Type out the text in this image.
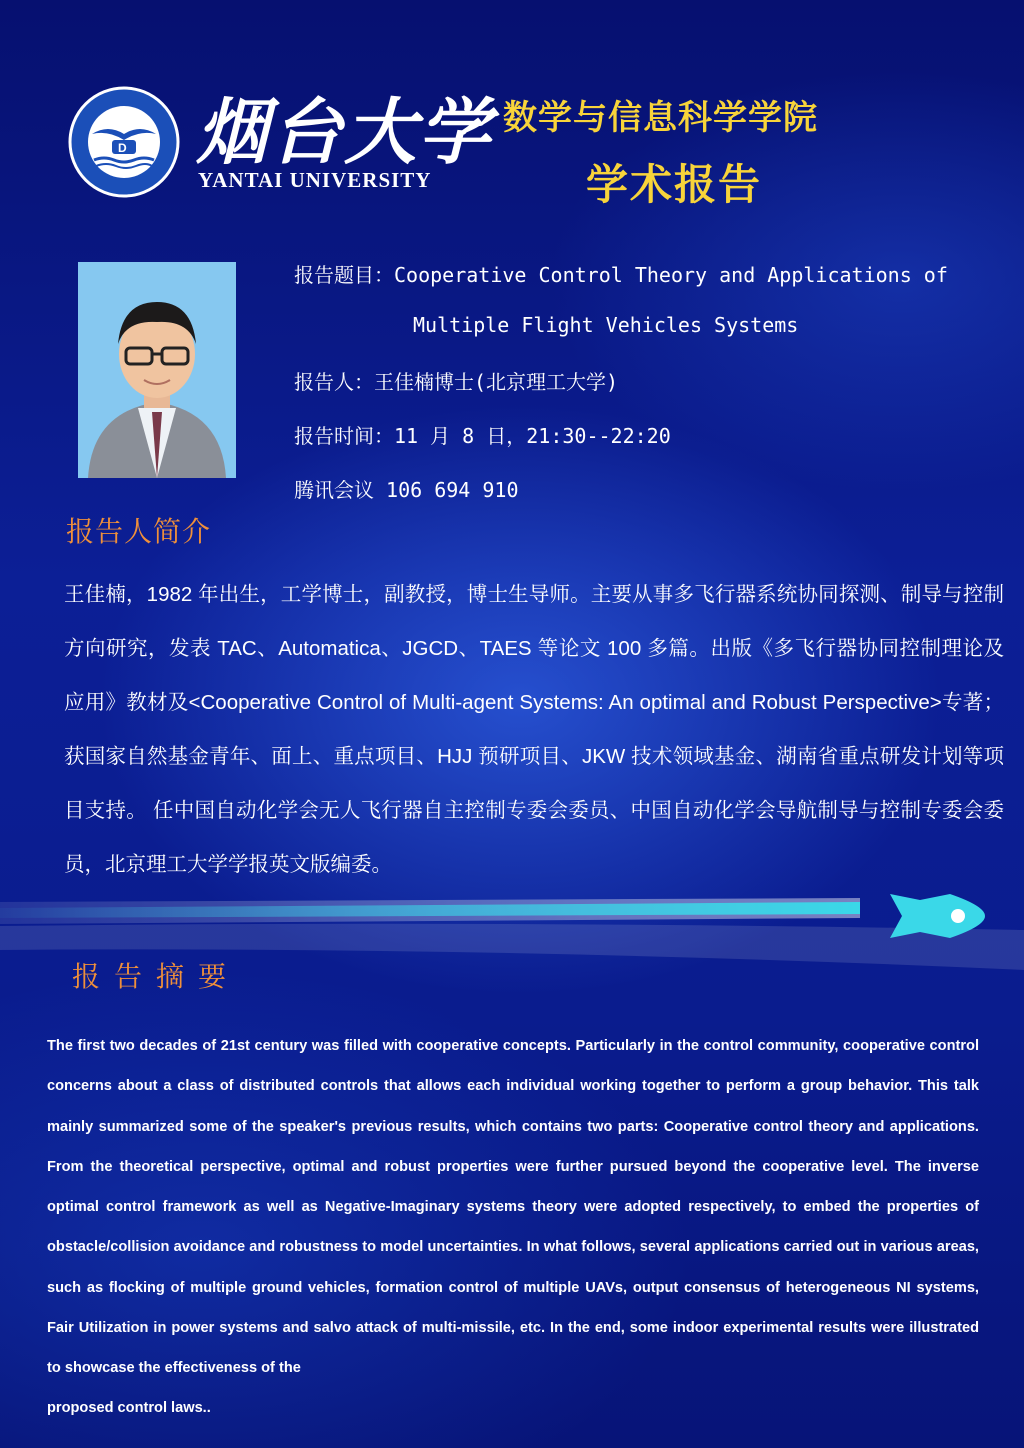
D 烟台大学
YANTAI UNIVERSITY
数学与信息科学学院
学术报告
报告题目：Cooperative Control Theory and Applications of
Multiple Flight Vehicles Systems
报告人：王佳楠博士(北京理工大学)
报告时间：11 月 8 日，21:30--22:20
腾讯会议 106 694 910
报告人简介
王佳楠，1982 年出生，工学博士，副教授，博士生导师。主要从事多飞行器系统协同探测、制导与控制方向研究，发表 TAC、Automatica、JGCD、TAES 等论文 100 多篇。出版《多飞行器协同控制理论及应用》教材及<Cooperative Control of Multi-agent Systems: An optimal and Robust Perspective>专著；获国家自然基金青年、面上、重点项目、HJJ 预研项目、JKW 技术领域基金、湖南省重点研发计划等项目支持。 任中国自动化学会无人飞行器自主控制专委会委员、中国自动化学会导航制导与控制专委会委员，北京理工大学学报英文版编委。
报告摘要
The first two decades of 21st century was filled with cooperative concepts. Particularly in the control community, cooperative control concerns about a class of distributed controls that allows each individual working together to perform a group behavior. This talk mainly summarized some of the speaker's previous results, which contains two parts: Cooperative control theory and applications. From the theoretical perspective, optimal and robust properties were further pursued beyond the cooperative level. The inverse optimal control framework as well as Negative-Imaginary systems theory were adopted respectively, to embed the properties of obstacle/collision avoidance and robustness to model uncertainties. In what follows, several applications carried out in various areas, such as flocking of multiple ground vehicles, formation control of multiple UAVs, output consensus of heterogeneous NI systems, Fair Utilization in power systems and salvo attack of multi-missile, etc. In the end, some indoor experimental results were illustrated to showcase the effectiveness of the
proposed control laws..
